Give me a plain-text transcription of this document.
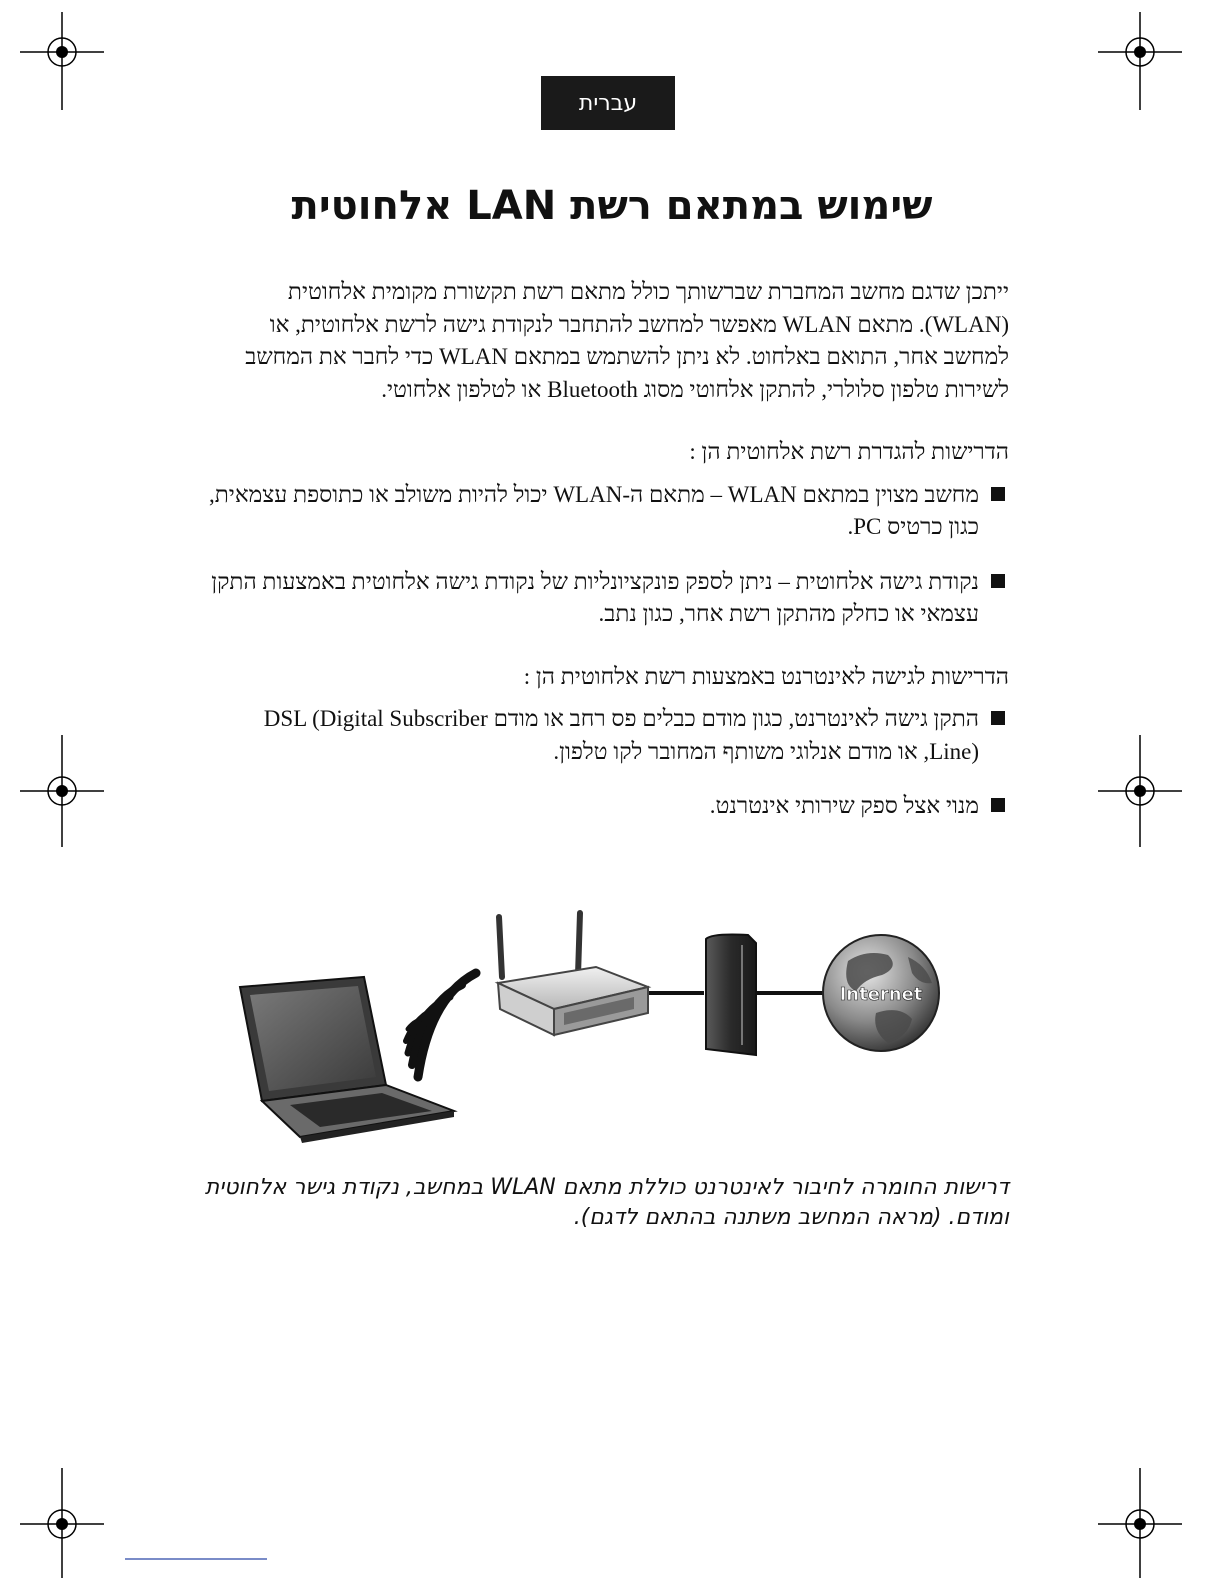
עברית
שימוש במתאם רשת LAN אלחוטית

ייתכן שדגם מחשב המחברת שברשותך כולל מתאם רשת תקשורת מקומית אלחוטית (WLAN). מתאם WLAN מאפשר למחשב להתחבר לנקודת גישה לרשת אלחוטית, או למחשב אחר, התואם באלחוט. לא ניתן להשתמש במתאם WLAN כדי לחבר את המחשב לשירות טלפון סלולרי, להתקן אלחוטי מסוג Bluetooth או לטלפון אלחוטי.

הדרישות להגדרת רשת אלחוטית הן :

מחשב מצוין במתאם WLAN – מתאם ה-WLAN יכול להיות משולב או כתוספת עצמאית, כגון כרטיס PC.
נקודת גישה אלחוטית – ניתן לספק פונקציונליות של נקודת גישה אלחוטית באמצעות התקן עצמאי או כחלק מהתקן רשת אחר, כגון נתב.

הדרישות לגישה לאינטרנט באמצעות רשת אלחוטית הן :

התקן גישה לאינטרנט, כגון מודם כבלים פס רחב או מודם DSL (Digital Subscriber Line), או מודם אנלוגי משותף המחובר לקו טלפון.
מנוי אצל ספק שירותי אינטרנט.
Internet

דרישות החומרה לחיבור לאינטרנט כוללת מתאם WLAN במחשב, נקודת גישר אלחוטית ומודם. (מראה המחשב משתנה בהתאם לדגם).
